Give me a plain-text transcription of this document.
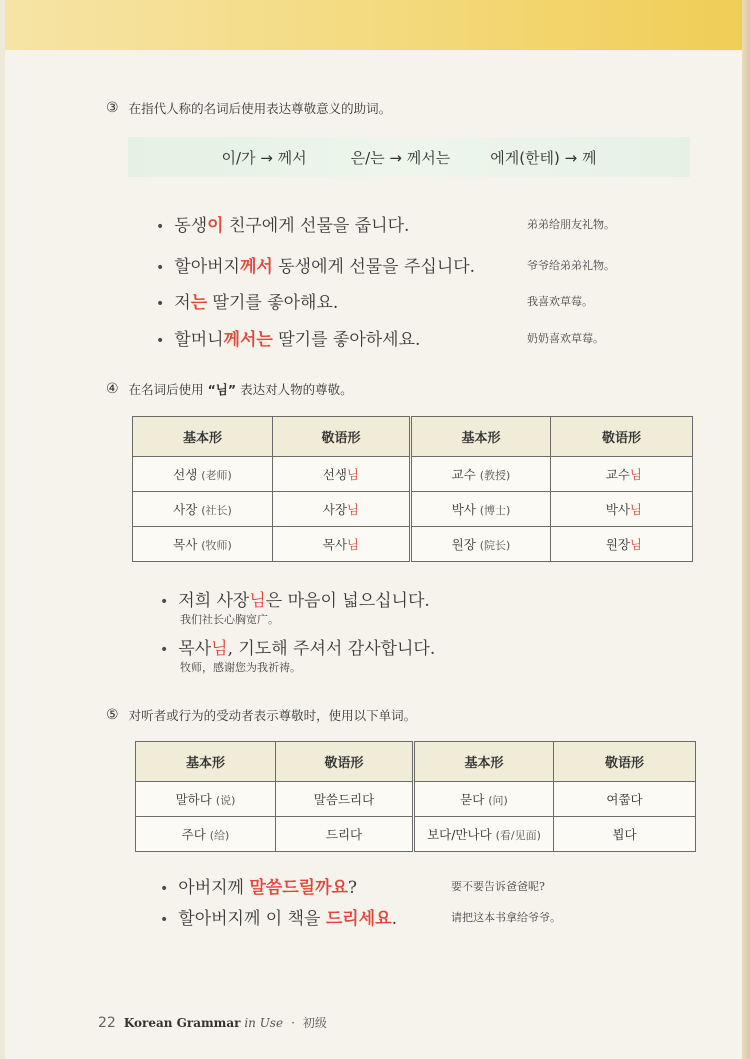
③ 在指代人称的名词后使用表达尊敬意义的助词。
이/가 → 께서	은/는 → 께서는	에게(한테) → 께
• 동생이 친구에게 선물을 줍니다.	弟弟给朋友礼物。
• 할아버지께서 동생에게 선물을 주십니다.	爷爷给弟弟礼物。
• 저는 딸기를 좋아해요.	我喜欢草莓。
• 할머니께서는 딸기를 좋아하세요.	奶奶喜欢草莓。
④ 在名词后使用 “님” 表达对人物的尊敬。
基本形	敬语形	基本形	敬语形
선생 (老师)	선생님	교수 (教授)	교수님
사장 (社长)	사장님	박사 (博士)	박사님
목사 (牧师)	목사님	원장 (院长)	원장님
• 저희 사장님은 마음이 넓으십니다.
我们社长心胸宽广。
• 목사님, 기도해 주셔서 감사합니다.
牧师，感谢您为我祈祷。
⑤ 对听者或行为的受动者表示尊敬时，使用以下单词。
基本形	敬语形	基本形	敬语形
말하다 (说)	말씀드리다	묻다 (问)	여쭙다
주다 (给)	드리다	보다/만나다 (看/见面)	뵙다
• 아버지께 말씀드릴까요?	要不要告诉爸爸呢?
• 할아버지께 이 책을 드리세요.	请把这本书拿给爷爷。
22 Korean Grammar in Use · 初级
